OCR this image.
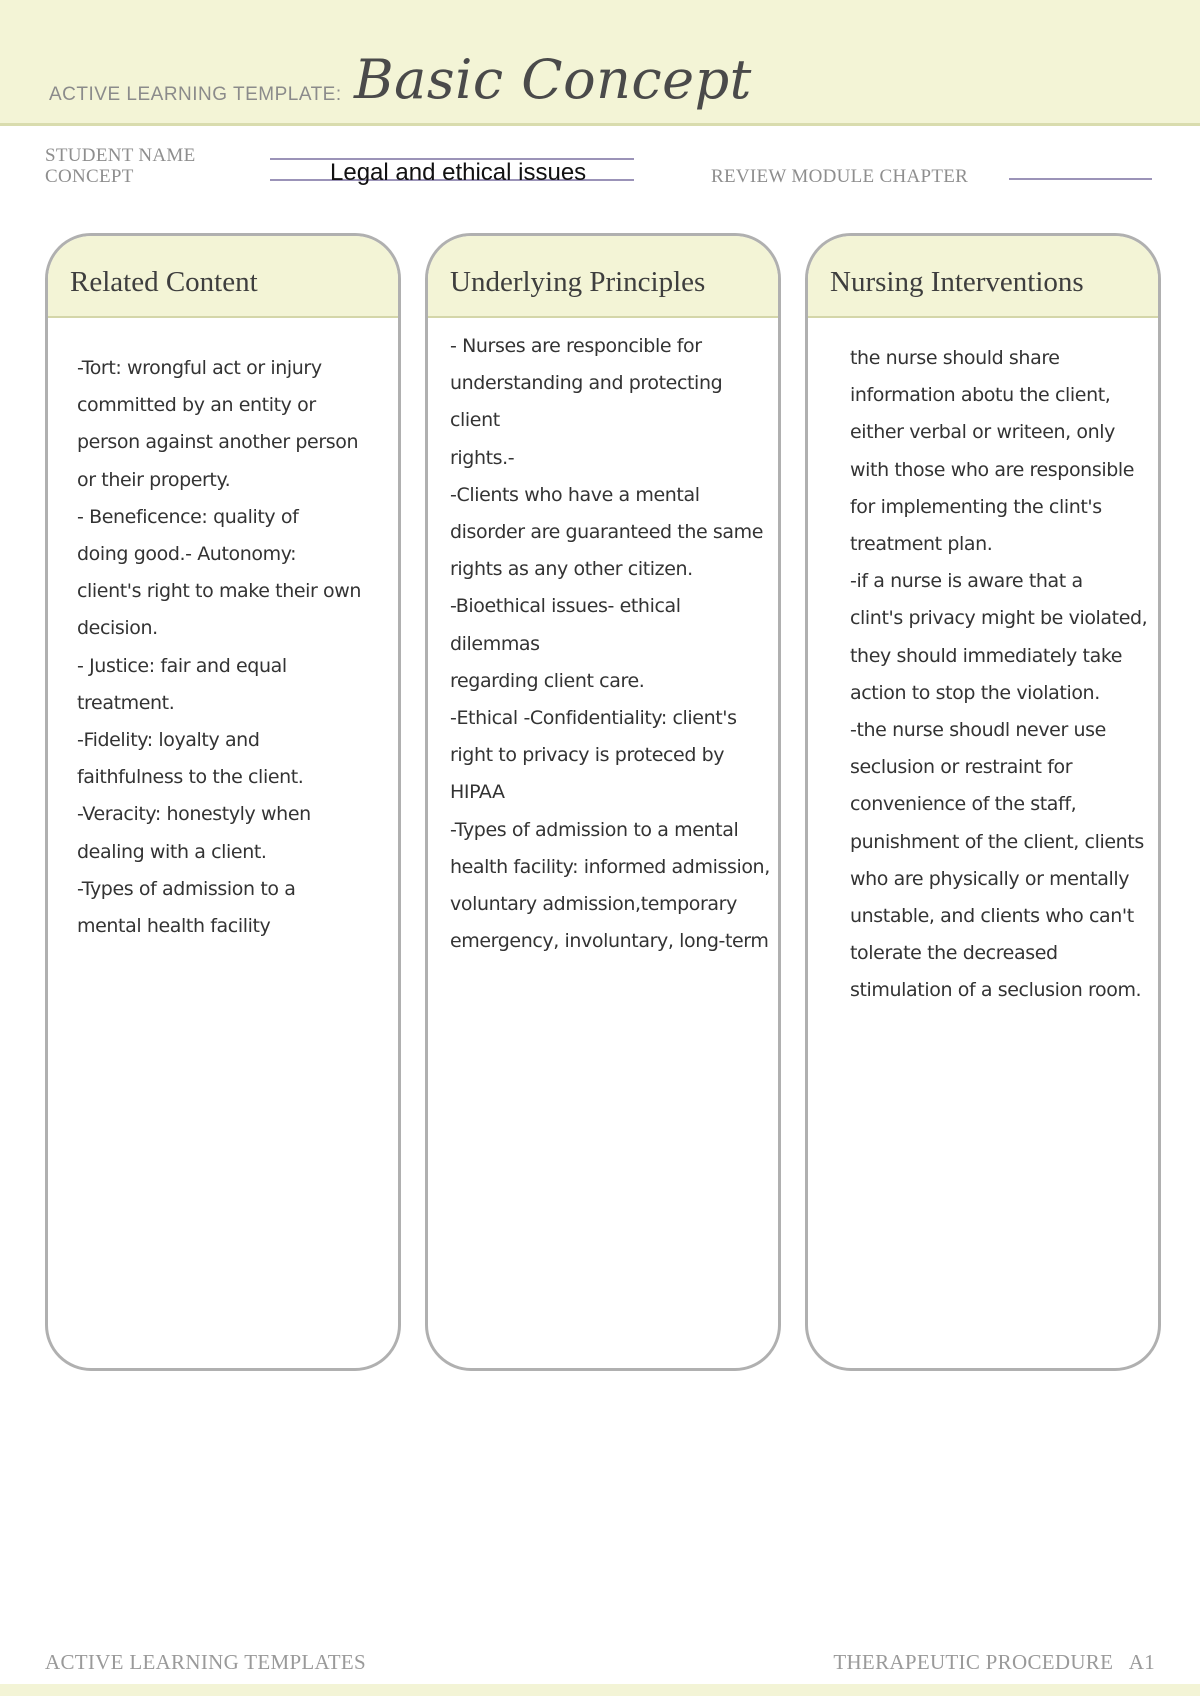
ACTIVE LEARNING TEMPLATE: Basic Concept
STUDENT NAME
CONCEPT	Legal and ethical issues	REVIEW MODULE CHAPTER
Related Content
-Tort: wrongful act or injury
committed by an entity or
person against another person
or their property.
- Beneficence: quality of
doing good.- Autonomy:
client's right to make their own
decision.
- Justice: fair and equal
treatment.
-Fidelity: loyalty and
faithfulness to the client.
-Veracity: honestyly when
dealing with a client.
-Types of admission to a
mental health facility
Underlying Principles
- Nurses are responcible for
understanding and protecting client
rights.-
-Clients who have a mental
disorder are guaranteed the same
rights as any other citizen.
-Bioethical issues- ethical dilemmas
regarding client care.
-Ethical -Confidentiality: client's
right to privacy is proteced by
HIPAA
-Types of admission to a mental
health facility: informed admission,
voluntary admission,temporary
emergency, involuntary, long-term
Nursing Interventions
the nurse should share
information abotu the client,
either verbal or writeen, only
with those who are responsible
for implementing the clint's
treatment plan.
-if a nurse is aware that a
clint's privacy might be violated,
they should immediately take
action to stop the violation.
-the nurse shoudl never use
seclusion or restraint for
convenience of the staff,
punishment of the client, clients
who are physically or mentally
unstable, and clients who can't
tolerate the decreased
stimulation of a seclusion room.
ACTIVE LEARNING TEMPLATES	THERAPEUTIC PROCEDURE   A1
